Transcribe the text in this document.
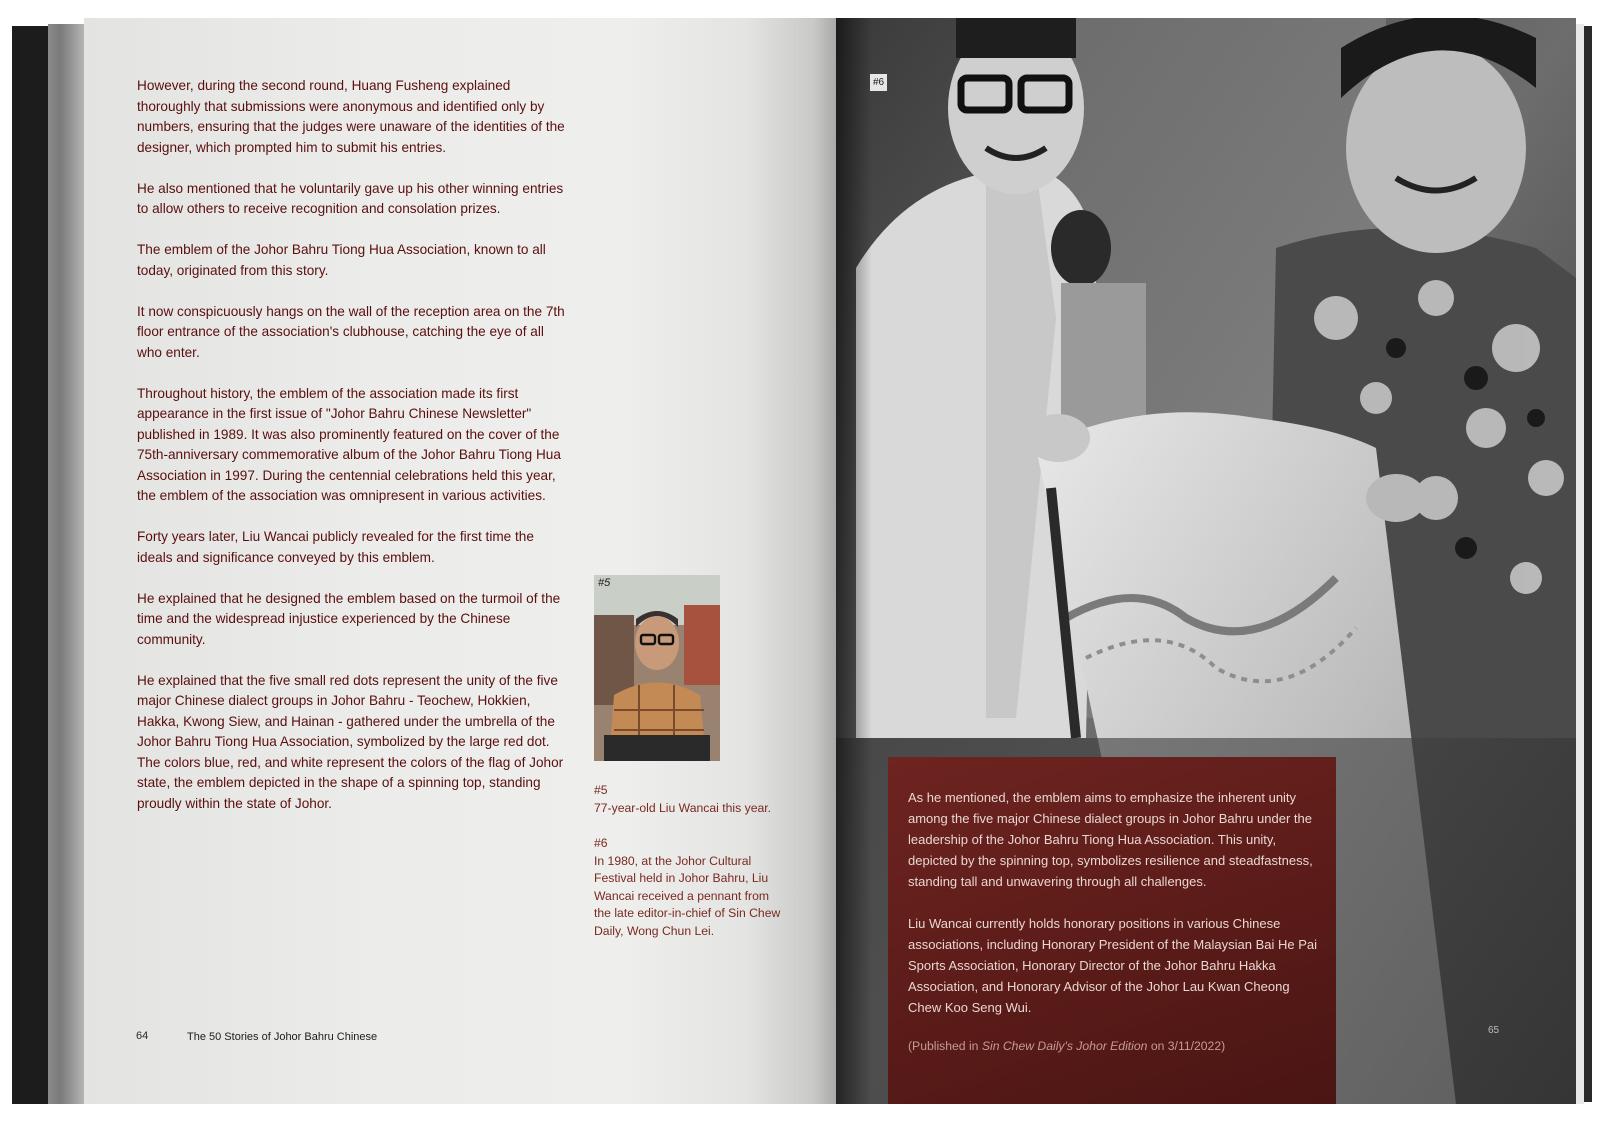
However, during the second round, Huang Fusheng explained thoroughly that submissions were anonymous and identified only by numbers, ensuring that the judges were unaware of the identities of the designer, which prompted him to submit his entries.

He also mentioned that he voluntarily gave up his other winning entries to allow others to receive recognition and consolation prizes.

The emblem of the Johor Bahru Tiong Hua Association, known to all today, originated from this story.

It now conspicuously hangs on the wall of the reception area on the 7th floor entrance of the association's clubhouse, catching the eye of all who enter.

Throughout history, the emblem of the association made its first appearance in the first issue of "Johor Bahru Chinese Newsletter" published in 1989. It was also prominently featured on the cover of the 75th-anniversary commemorative album of the Johor Bahru Tiong Hua Association in 1997. During the centennial celebrations held this year, the emblem of the association was omnipresent in various activities.

Forty years later, Liu Wancai publicly revealed for the first time the ideals and significance conveyed by this emblem.

He explained that he designed the emblem based on the turmoil of the time and the widespread injustice experienced by the Chinese community.

He explained that the five small red dots represent the unity of the five major Chinese dialect groups in Johor Bahru - Teochew, Hokkien, Hakka, Kwong Siew, and Hainan - gathered under the umbrella of the Johor Bahru Tiong Hua Association, symbolized by the large red dot. The colors blue, red, and white represent the colors of the flag of Johor state, the emblem depicted in the shape of a spinning top, standing proudly within the state of Johor.

#5
#5
77-year-old Liu Wancai this year.
#6
In 1980, at the Johor Cultural Festival held in Johor Bahru, Liu Wancai received a pennant from the late editor-in-chief of Sin Chew Daily, Wong Chun Lei.
64	The 50 Stories of Johor Bahru Chinese
#6

As he mentioned, the emblem aims to emphasize the inherent unity among the five major Chinese dialect groups in Johor Bahru under the leadership of the Johor Bahru Tiong Hua Association. This unity, depicted by the spinning top, symbolizes resilience and steadfastness, standing tall and unwavering through all challenges.

Liu Wancai currently holds honorary positions in various Chinese associations, including Honorary President of the Malaysian Bai He Pai Sports Association, Honorary Director of the Johor Bahru Hakka Association, and Honorary Advisor of the Johor Lau Kwan Cheong Chew Koo Seng Wui.

(Published in Sin Chew Daily's Johor Edition on 3/11/2022)
65
